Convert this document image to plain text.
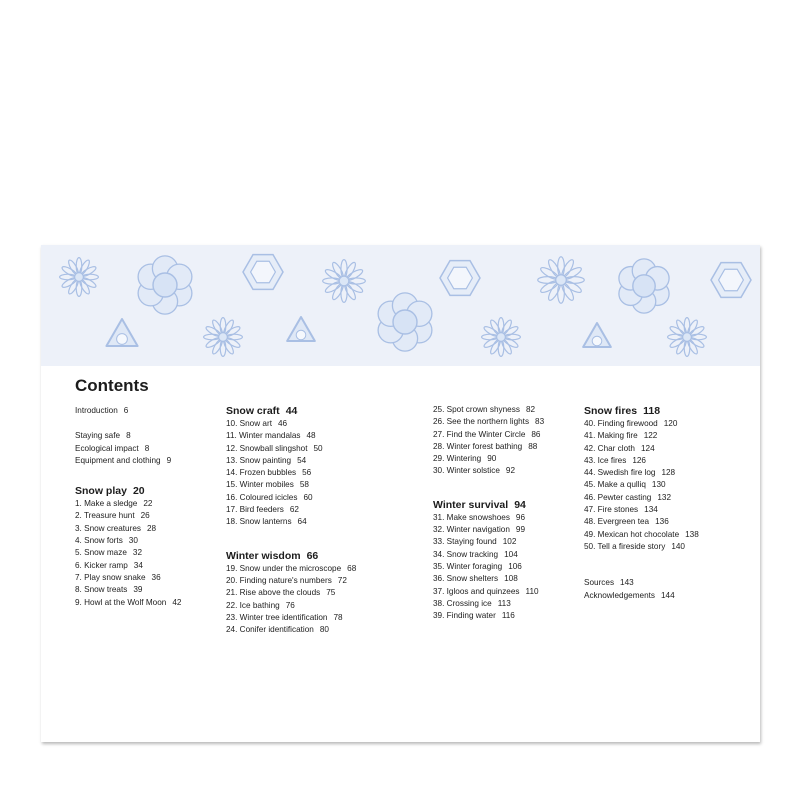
Contents
Introduction 6
Staying safe 8
Ecological impact 8
Equipment and clothing 9
Snow play 20
1. Make a sledge 22
2. Treasure hunt 26
3. Snow creatures 28
4. Snow forts 30
5. Snow maze 32
6. Kicker ramp 34
7. Play snow snake 36
8. Snow treats 39
9. Howl at the Wolf Moon 42
Snow craft 44
10. Snow art 46
11. Winter mandalas 48
12. Snowball slingshot 50
13. Snow painting 54
14. Frozen bubbles 56
15. Winter mobiles 58
16. Coloured icicles 60
17. Bird feeders 62
18. Snow lanterns 64
Winter wisdom 66
19. Snow under the microscope 68
20. Finding nature's numbers 72
21. Rise above the clouds 75
22. Ice bathing 76
23. Winter tree identification 78
24. Conifer identification 80
25. Spot crown shyness 82
26. See the northern lights 83
27. Find the Winter Circle 86
28. Winter forest bathing 88
29. Wintering 90
30. Winter solstice 92
Winter survival 94
31. Make snowshoes 96
32. Winter navigation 99
33. Staying found 102
34. Snow tracking 104
35. Winter foraging 106
36. Snow shelters 108
37. Igloos and quinzees 110
38. Crossing ice 113
39. Finding water 116
Snow fires 118
40. Finding firewood 120
41. Making fire 122
42. Char cloth 124
43. Ice fires 126
44. Swedish fire log 128
45. Make a qulliq 130
46. Pewter casting 132
47. Fire stones 134
48. Evergreen tea 136
49. Mexican hot chocolate 138
50. Tell a fireside story 140
Sources 143
Acknowledgements 144
